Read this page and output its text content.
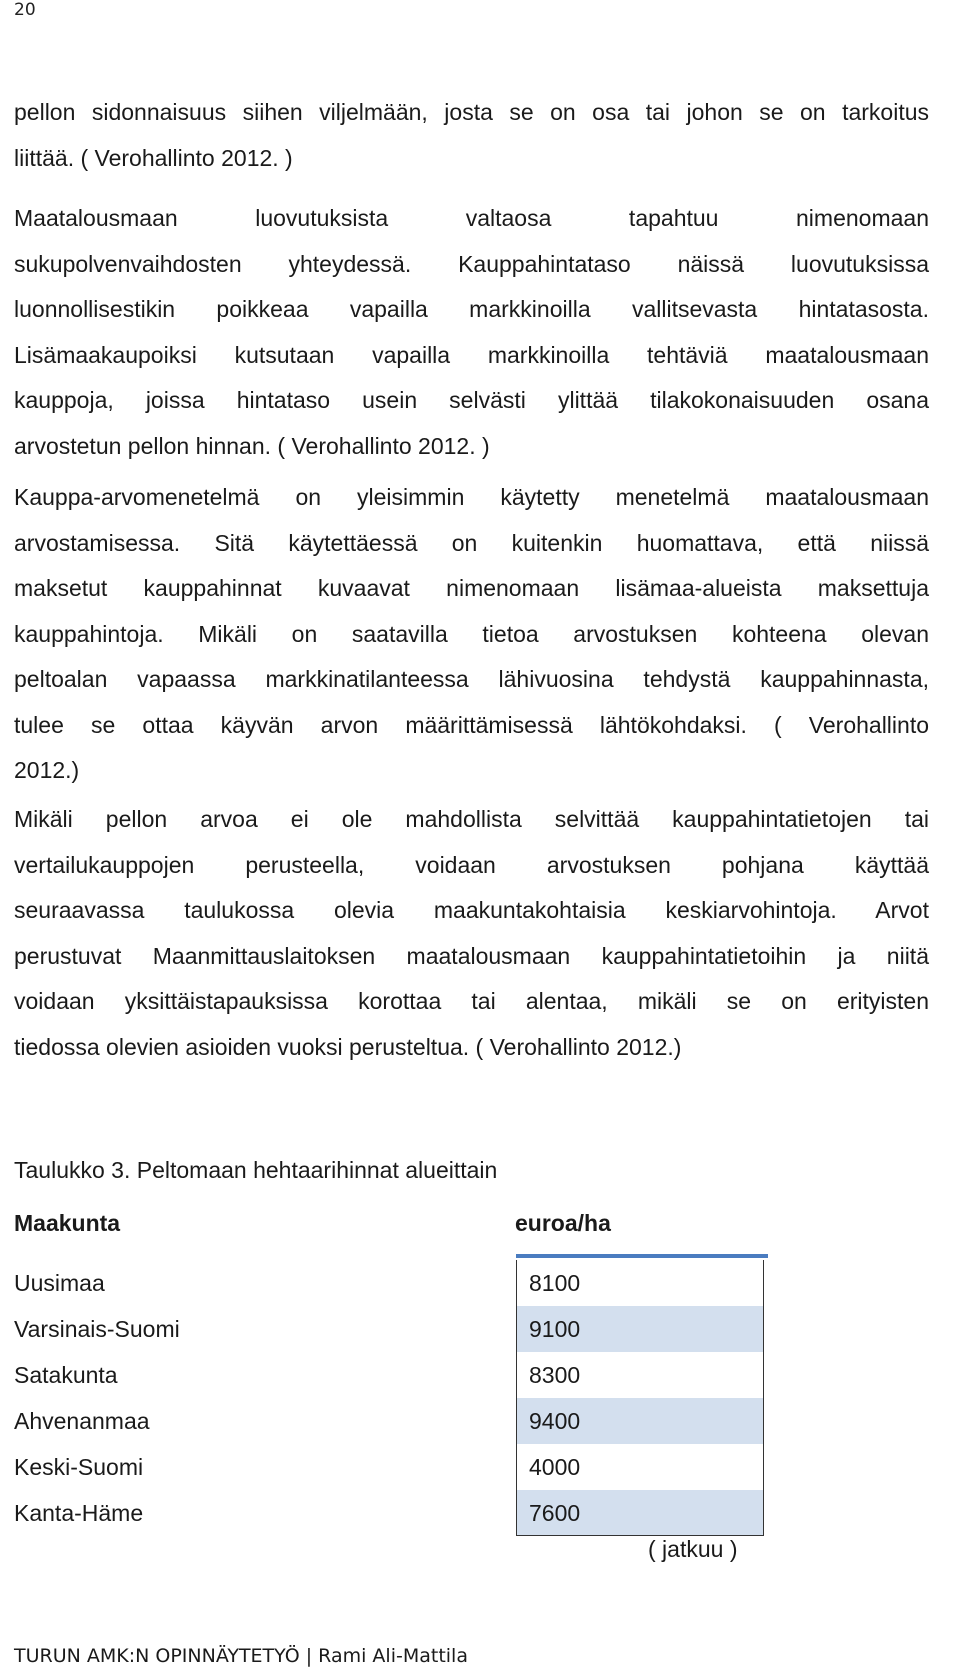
20
pellon sidonnaisuus siihen viljelmään, josta se on osa tai johon se on tarkoitus
liittää. ( Verohallinto 2012. )
Maatalousmaan luovutuksista valtaosa tapahtuu nimenomaan
sukupolvenvaihdosten yhteydessä. Kauppahintataso näissä luovutuksissa
luonnollisestikin poikkeaa vapailla markkinoilla vallitsevasta hintatasosta.
Lisämaakaupoiksi kutsutaan vapailla markkinoilla tehtäviä maatalousmaan
kauppoja, joissa hintataso usein selvästi ylittää tilakokonaisuuden osana
arvostetun pellon hinnan. ( Verohallinto 2012. )
Kauppa-arvomenetelmä on yleisimmin käytetty menetelmä maatalousmaan
arvostamisessa. Sitä käytettäessä on kuitenkin huomattava, että niissä
maksetut kauppahinnat kuvaavat nimenomaan lisämaa-alueista maksettuja
kauppahintoja. Mikäli on saatavilla tietoa arvostuksen kohteena olevan
peltoalan vapaassa markkinatilanteessa lähivuosina tehdystä kauppahinnasta,
tulee se ottaa käyvän arvon määrittämisessä lähtökohdaksi. ( Verohallinto
2012.)
Mikäli pellon arvoa ei ole mahdollista selvittää kauppahintatietojen tai
vertailukauppojen perusteella, voidaan arvostuksen pohjana käyttää
seuraavassa taulukossa olevia maakuntakohtaisia keskiarvohintoja. Arvot
perustuvat Maanmittauslaitoksen maatalousmaan kauppahintatietoihin ja niitä
voidaan yksittäistapauksissa korottaa tai alentaa, mikäli se on erityisten
tiedossa olevien asioiden vuoksi perusteltua. ( Verohallinto 2012.)
Taulukko 3. Peltomaan hehtaarihinnat alueittain
Maakunta	euroa/ha
Uusimaa	8100
Varsinais-Suomi	9100
Satakunta	8300
Ahvenanmaa	9400
Keski-Suomi	4000
Kanta-Häme	7600
( jatkuu )
TURUN AMK:N OPINNÄYTETYÖ | Rami Ali-Mattila
